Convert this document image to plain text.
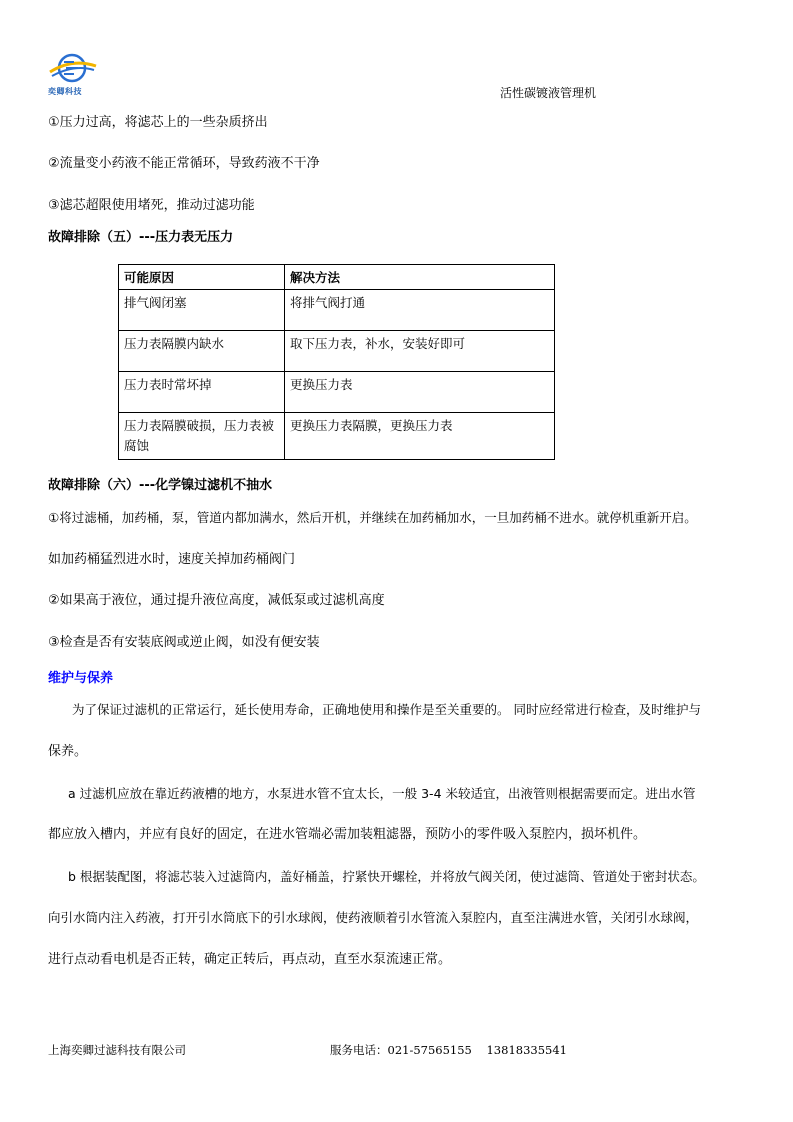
奕卿科技	活性碳镀液管理机
①压力过高，将滤芯上的一些杂质挤出
②流量变小药液不能正常循环，导致药液不干净
③滤芯超限使用堵死，推动过滤功能
故障排除（五）---压力表无压力
可能原因	解决方法
排气阀闭塞	将排气阀打通
压力表隔膜内缺水	取下压力表，补水，安装好即可
压力表时常坏掉	更换压力表
压力表隔膜破损，压力表被腐蚀	更换压力表隔膜，更换压力表
故障排除（六）---化学镍过滤机不抽水
①将过滤桶，加药桶，泵，管道内都加满水，然后开机，并继续在加药桶加水，一旦加药桶不进水。就停机重新开启。
如加药桶猛烈进水时，速度关掉加药桶阀门
②如果高于液位，通过提升液位高度，减低泵或过滤机高度
③检查是否有安装底阀或逆止阀，如没有便安装
维护与保养
为了保证过滤机的正常运行，延长使用寿命，正确地使用和操作是至关重要的。 同时应经常进行检查，及时维护与
保养。
a 过滤机应放在靠近药液槽的地方，水泵进水管不宜太长，一般 3-4 米较适宜，出液管则根据需要而定。进出水管
都应放入槽内，并应有良好的固定，在进水管端必需加装粗滤器，预防小的零件吸入泵腔内，损坏机件。
b 根据装配图，将滤芯装入过滤筒内，盖好桶盖，拧紧快开螺栓，并将放气阀关闭，使过滤筒、管道处于密封状态。
向引水筒内注入药液，打开引水筒底下的引水球阀，使药液顺着引水管流入泵腔内，直至注满进水管，关闭引水球阀，
进行点动看电机是否正转，确定正转后，再点动，直至水泵流速正常。
上海奕卿过滤科技有限公司	服务电话：021-57565155    13818335541
